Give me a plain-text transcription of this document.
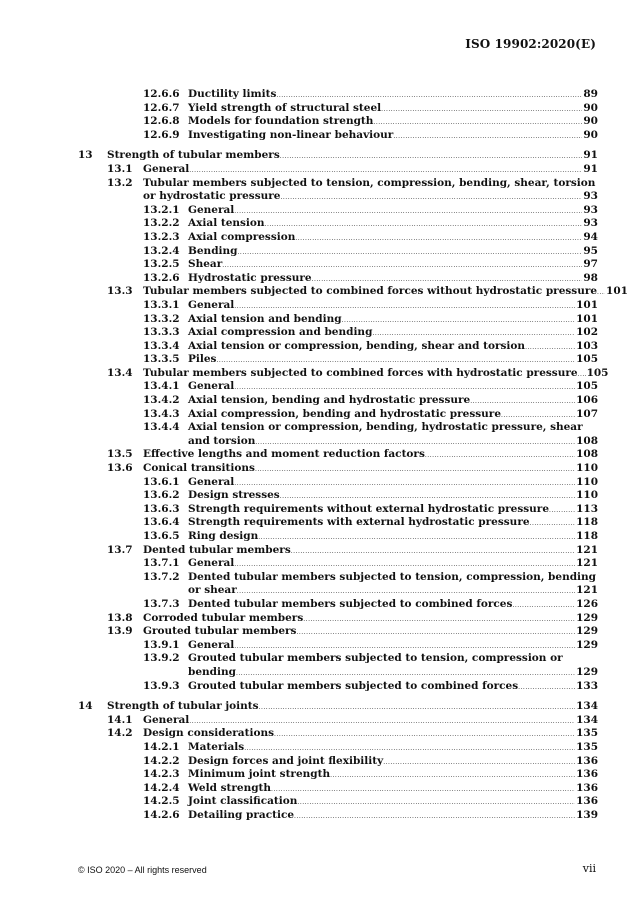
ISO 19902:2020(E)
12.6.6 Ductility limits .....	89
12.6.7 Yield strength of structural steel .....	90
12.6.8 Models for foundation strength .....	90
12.6.9 Investigating non-linear behaviour .....	90
13 Strength of tubular members .....	91
13.1 General .....	91
13.2 Tubular members subjected to tension, compression, bending, shear, torsion
or hydrostatic pressure .....	93
13.2.1 General .....	93
13.2.2 Axial tension .....	93
13.2.3 Axial compression .....	94
13.2.4 Bending .....	95
13.2.5 Shear .....	97
13.2.6 Hydrostatic pressure .....	98
13.3 Tubular members subjected to combined forces without hydrostatic pressure ..... 101
13.3.1 General .....	101
13.3.2 Axial tension and bending .....	101
13.3.3 Axial compression and bending .....	102
13.3.4 Axial tension or compression, bending, shear and torsion .....	103
13.3.5 Piles .....	105
13.4 Tubular members subjected to combined forces with hydrostatic pressure ..... 105
13.4.1 General .....	105
13.4.2 Axial tension, bending and hydrostatic pressure .....	106
13.4.3 Axial compression, bending and hydrostatic pressure .....	107
13.4.4 Axial tension or compression, bending, hydrostatic pressure, shear
and torsion .....	108
13.5 Effective lengths and moment reduction factors .....	108
13.6 Conical transitions .....	110
13.6.1 General .....	110
13.6.2 Design stresses .....	110
13.6.3 Strength requirements without external hydrostatic pressure .....	113
13.6.4 Strength requirements with external hydrostatic pressure .....	118
13.6.5 Ring design .....	118
13.7 Dented tubular members .....	121
13.7.1 General .....	121
13.7.2 Dented tubular members subjected to tension, compression, bending
or shear .....	121
13.7.3 Dented tubular members subjected to combined forces .....	126
13.8 Corroded tubular members .....	129
13.9 Grouted tubular members .....	129
13.9.1 General .....	129
13.9.2 Grouted tubular members subjected to tension, compression or
bending .....	129
13.9.3 Grouted tubular members subjected to combined forces .....	133
14 Strength of tubular joints .....	134
14.1 General .....	134
14.2 Design considerations .....	135
14.2.1 Materials .....	135
14.2.2 Design forces and joint flexibility .....	136
14.2.3 Minimum joint strength .....	136
14.2.4 Weld strength .....	136
14.2.5 Joint classification .....	136
14.2.6 Detailing practice .....	139
© ISO 2020 – All rights reserved	vii
